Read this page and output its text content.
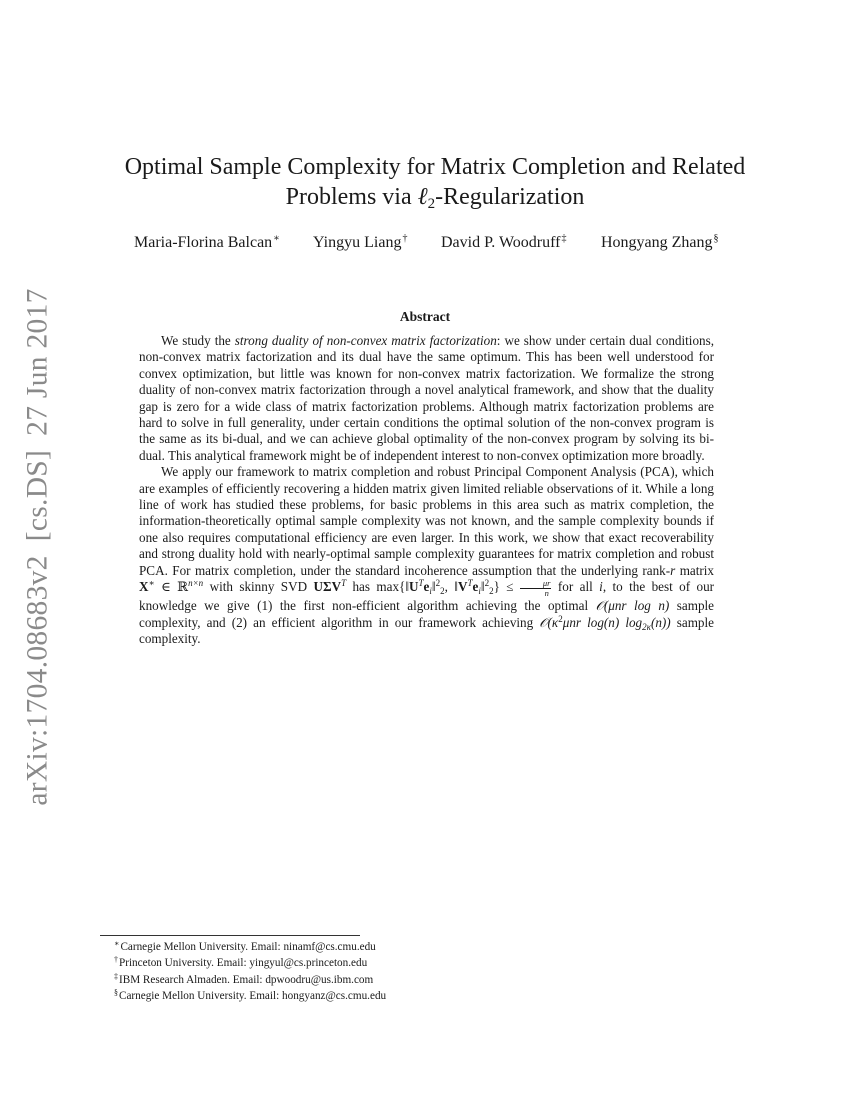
arXiv:1704.08683v2[cs.DS]27 Jun 2017
Optimal Sample Complexity for Matrix Completion and Related
Problems via ℓ$_2$-Regularization
Maria-Florina Balcan∗ Yingyu Liang† David P. Woodruff‡ Hongyang Zhang§
Abstract

We study the strong duality of non-convex matrix factorization: we show under certain dual conditions, non-convex matrix factorization and its dual have the same optimum. This has been well understood for convex optimization, but little was known for non-convex matrix factorization. We formalize the strong duality of non-convex matrix factorization through a novel analytical framework, and show that the duality gap is zero for a wide class of matrix factorization problems. Although matrix factorization problems are hard to solve in full generality, under certain conditions the optimal solution of the non-convex program is the same as its bi-dual, and we can achieve global optimality of the non-convex program by solving its bi-dual. This analytical framework might be of independent interest to non-convex optimization more broadly.

We apply our framework to matrix completion and robust Principal Component Analysis (PCA), which are examples of efficiently recovering a hidden matrix given limited reliable observations of it. While a long line of work has studied these problems, for basic problems in this area such as matrix completion, the information-theoretically optimal sample complexity was not known, and the sample complexity bounds if one also requires computational efficiency are even larger. In this work, we show that exact recoverability and strong duality hold with nearly-optimal sample complexity guarantees for matrix completion and robust PCA. For matrix completion, under the standard incoherence assumption that the underlying rank-r matrix X∗ ∈ ℝ$^{n\times n}$ with skinny SVD $U\Sigma V^T$ has $\max\{‖U^Te_i‖^2_2$, $‖V^Te_i‖^2_2\} \le \frac{\mu r}{n}$ for all i, to the best of our knowledge we give (1) the first non-efficient algorithm achieving the optimal 𝒪(μnr log n) sample complexity, and (2) an efficient algorithm in our framework achieving $𝒪(\kappa^2\mu nr$ log(n) $\log_{2\kappa}(n)$) sample complexity.

∗Carnegie Mellon University. Email: ninamf@cs.cmu.edu
†Princeton University. Email: yingyul@cs.princeton.edu
‡IBM Research Almaden. Email: dpwoodru@us.ibm.com
§Carnegie Mellon University. Email: hongyanz@cs.cmu.edu
